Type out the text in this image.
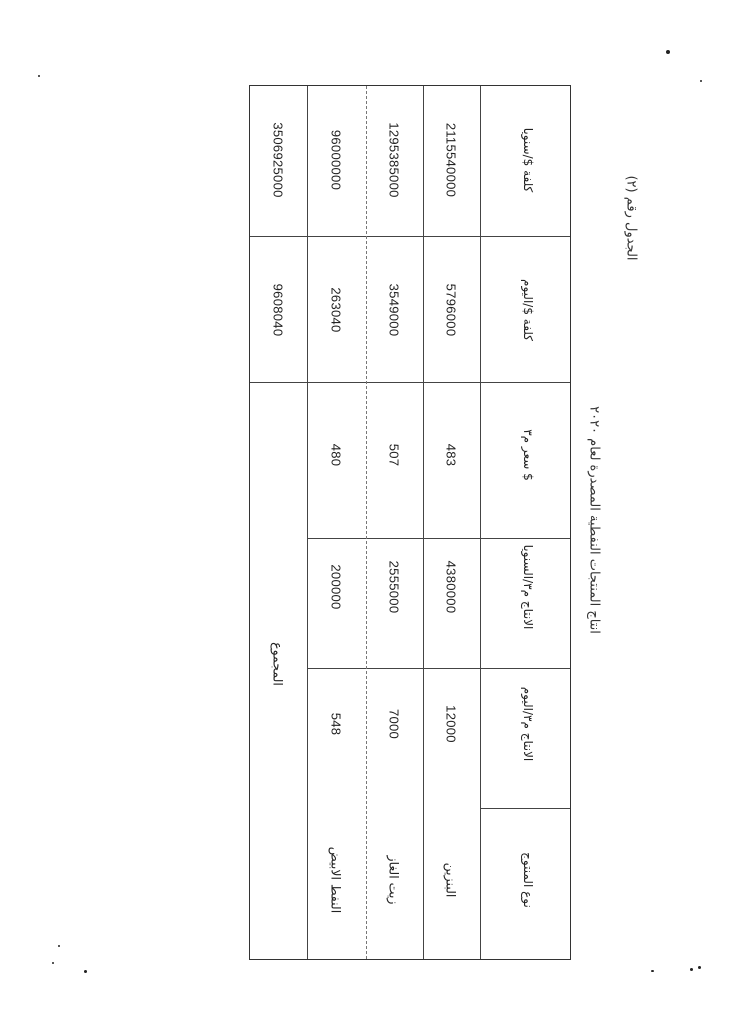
الجدول رقم (٢)
انتاج المنتجات النفطية المصدرة لعام ٢٠٢٠
نوع المنتوج
الانتاج م٣/اليوم
الانتاج م٣/السنويا
سعر م٣ $
كلفة $/اليوم
كلفة $/سنويا
البنزين
12000
4380000
483
5796000
2115540000
زيت الغاز
7000
2555000
507
3549000
1295385000
النفط الابيض
548
200000
480
263040
96000000
المجموع
9608040
3506925000
